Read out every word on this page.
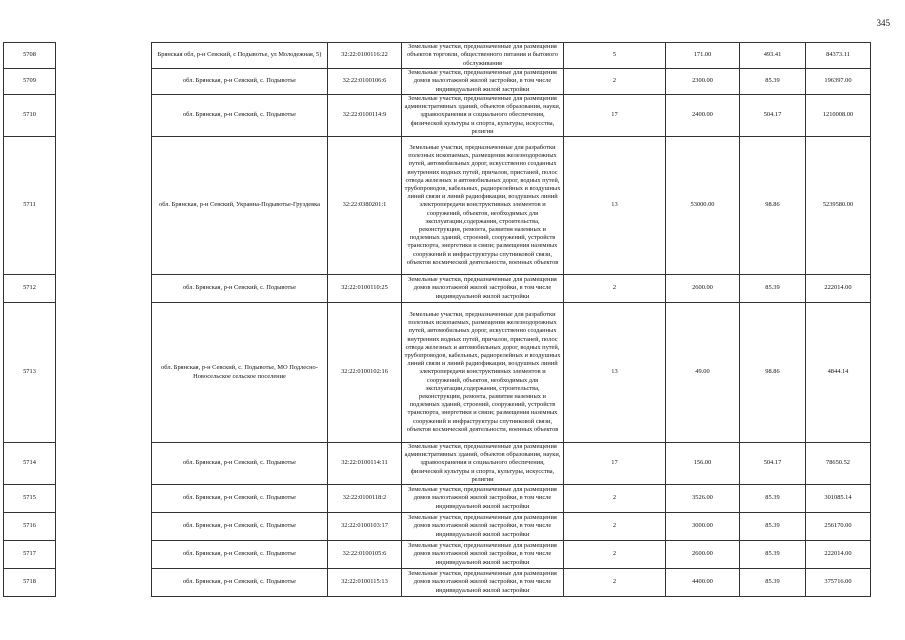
345
5708		Брянская обл, р-н Севский, с Подывотье, ул Молодежная, 5)	32:22:0100116:22	Земельные участки, предназначенные для размещения объектов торговли, общественного питания и бытового обслуживания	5	171.00	493.41	84373.11
5709		обл. Брянская, р-н Севский, с. Подывотье	32:22:0100106:6	Земельные участки, предназначенные для размещения домов малоэтажной жилой застройки, в том числе индивидуальной жилой застройки	2	2300.00	85.39	196397.00
5710		обл. Брянская, р-н Севский, с. Подывотье	32:22:0100114:9	Земельные участки, предназначенные для размещения административных зданий, объектов образования, науки, здравоохранения и социального обеспечения, физической культуры и спорта, культуры, искусства, религии	17	2400.00	504.17	1210008.00
5711		обл. Брянская, р-н Севский, Украина-Подывотье-Груздевка	32:22:0380201:1	Земельные участки, предназначенные для разработки полезных ископаемых, размещения железнодорожных путей, автомобильных дорог, искусственно созданных внутренних водных путей, причалов, пристаней, полос отвода железных и автомобильных дорог, водных путей, трубопроводов, кабельных, радиорелейных и воздушных линий связи и линий радиофикации, воздушных линий электропередачи конструктивных элементов и сооружений, объектов, необходимых для эксплуатации,содержания, строительства, реконструкции, ремонта, развития наземных и подземных зданий, строений, сооружений, устройств транспорта, энергетики и связи; размещения наземных сооружений и инфраструктуры спутниковой связи, объектов космической деятельности, военных объектов	13	53000.00	98.86	5239580.00
5712		обл. Брянская, р-н Севский, с. Подывотье	32:22:0100110:25	Земельные участки, предназначенные для размещения домов малоэтажной жилой застройки, в том числе индивидуальной жилой застройки	2	2600.00	85.39	222014.00
5713		обл. Брянская, р-н Севский, с. Подывотье, МО Подлесно-Новосельское сельское поселение	32:22:0100102:16	Земельные участки, предназначенные для разработки полезных ископаемых, размещения железнодорожных путей, автомобильных дорог, искусственно созданных внутренних водных путей, причалов, пристаней, полос отвода железных и автомобильных дорог, водных путей, трубопроводов, кабельных, радиорелейных и воздушных линий связи и линий радиофикации, воздушных линий электропередачи конструктивных элементов и сооружений, объектов, необходимых для эксплуатации,содержания, строительства, реконструкции, ремонта, развития наземных и подземных зданий, строений, сооружений, устройств транспорта, энергетики и связи; размещения наземных сооружений и инфраструктуры спутниковой связи, объектов космической деятельности, военных объектов	13	49.00	98.86	4844.14
5714		обл. Брянская, р-н Севский, с. Подывотье	32:22:0100114:11	Земельные участки, предназначенные для размещения административных зданий, объектов образования, науки, здравоохранения и социального обеспечения, физической культуры и спорта, культуры, искусства, религии	17	156.00	504.17	78650.52
5715		обл. Брянская, р-н Севский, с. Подывотье	32:22:0100118:2	Земельные участки, предназначенные для размещения домов малоэтажной жилой застройки, в том числе индивидуальной жилой застройки	2	3526.00	85.39	301085.14
5716		обл. Брянская, р-н Севский, с. Подывотье	32:22:0100103:17	Земельные участки, предназначенные для размещения домов малоэтажной жилой застройки, в том числе индивидуальной жилой застройки	2	3000.00	85.39	256170.00
5717		обл. Брянская, р-н Севский, с. Подывотье	32:22:0100105:6	Земельные участки, предназначенные для размещения домов малоэтажной жилой застройки, в том числе индивидуальной жилой застройки	2	2600.00	85.39	222014.00
5718		обл. Брянская, р-н Севский, с. Подывотье	32:22:0100115:13	Земельные участки, предназначенные для размещения домов малоэтажной жилой застройки, в том числе индивидуальной жилой застройки	2	4400.00	85.39	375716.00
